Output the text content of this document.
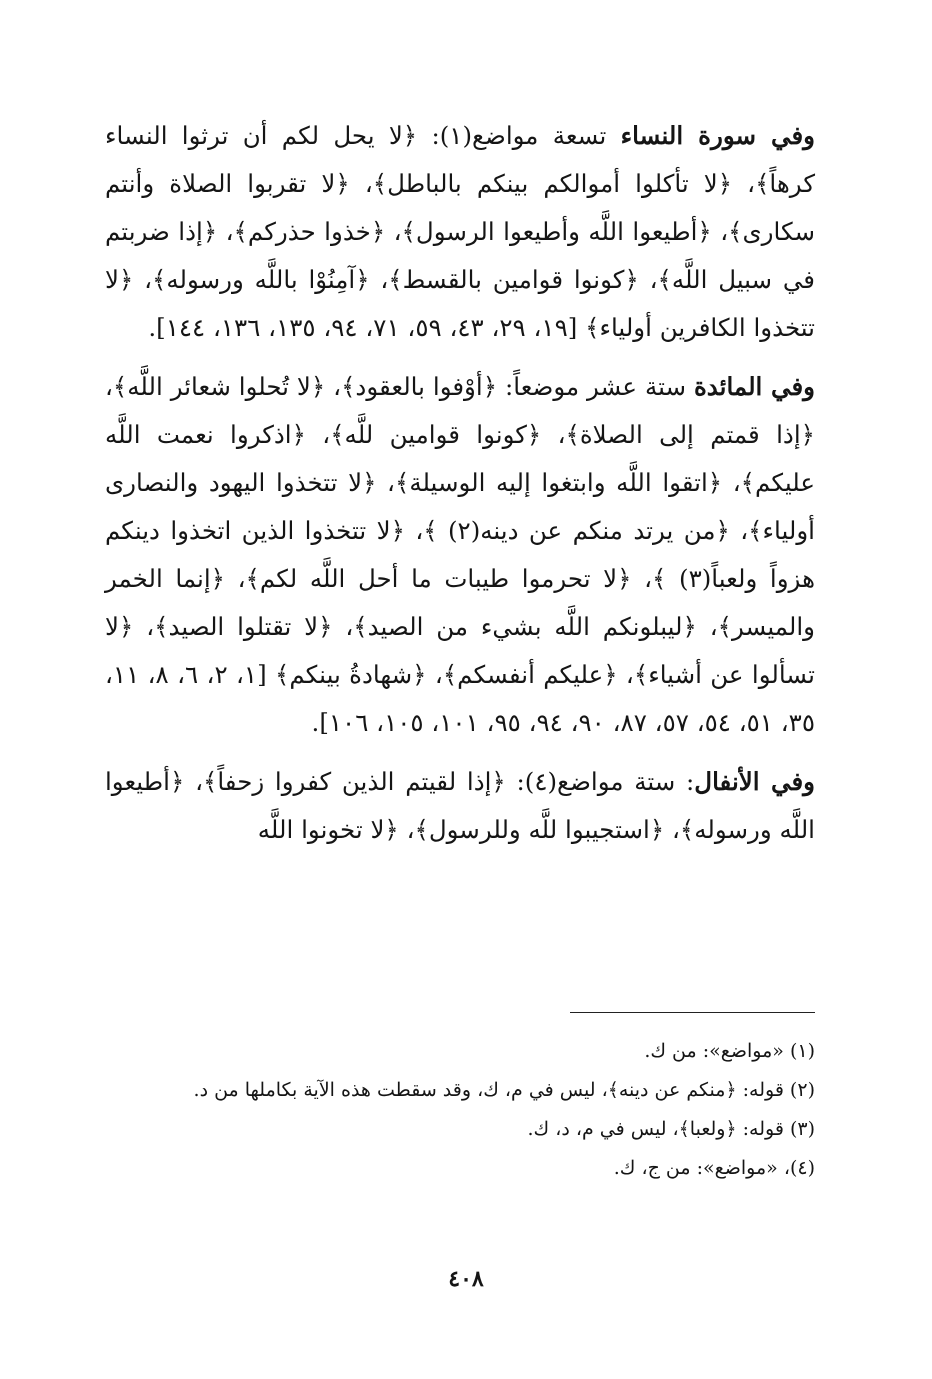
وفي سورة النساء تسعة مواضع(١): ﴿لا يحل لكم أن ترثوا النساء كرهاً﴾، ﴿لا تأكلوا أموالكم بينكم بالباطل﴾، ﴿لا تقربوا الصلاة وأنتم سكارى﴾، ﴿أطيعوا اللَّه وأطيعوا الرسول﴾، ﴿خذوا حذركم﴾، ﴿إذا ضربتم في سبيل اللَّه﴾، ﴿كونوا قوامين بالقسط﴾، ﴿آمِنُوْا باللَّه ورسوله﴾، ﴿لا تتخذوا الكافرين أولياء﴾ [١٩، ٢٩، ٤٣، ٥٩، ٧١، ٩٤، ١٣٥، ١٣٦، ١٤٤].

وفي المائدة ستة عشر موضعاً: ﴿أوْفوا بالعقود﴾، ﴿لا تُحلوا شعائر اللَّه﴾، ﴿إذا قمتم إلى الصلاة﴾، ﴿كونوا قوامين للَّه﴾، ﴿اذكروا نعمت اللَّه عليكم﴾، ﴿اتقوا اللَّه وابتغوا إليه الوسيلة﴾، ﴿لا تتخذوا اليهود والنصارى أولياء﴾، ﴿من يرتد منكم عن دينه(٢) ﴾، ﴿لا تتخذوا الذين اتخذوا دينكم هزواً ولعباً(٣) ﴾، ﴿لا تحرموا طيبات ما أحل اللَّه لكم﴾، ﴿إنما الخمر والميسر﴾، ﴿ليبلونكم اللَّه بشيء من الصيد﴾، ﴿لا تقتلوا الصيد﴾، ﴿لا تسألوا عن أشياء﴾، ﴿عليكم أنفسكم﴾، ﴿شهادةُ بينكم﴾ [١، ٢، ٦، ٨، ١١، ٣٥، ٥١، ٥٤، ٥٧، ٨٧، ٩٠، ٩٤، ٩٥، ١٠١، ١٠٥، ١٠٦].

وفي الأنفال: ستة مواضع(٤): ﴿إذا لقيتم الذين كفروا زحفاً﴾، ﴿أطيعوا اللَّه ورسوله﴾، ﴿استجيبوا للَّه وللرسول﴾، ﴿لا تخونوا اللَّه

(١) «مواضع»: من ك.
(٢) قوله: ﴿منكم عن دينه﴾، ليس في م، ك، وقد سقطت هذه الآية بكاملها من د.
(٣) قوله: ﴿ولعبا﴾، ليس في م، د، ك.
(٤)، «مواضع»: من ج، ك.
٤٠٨
